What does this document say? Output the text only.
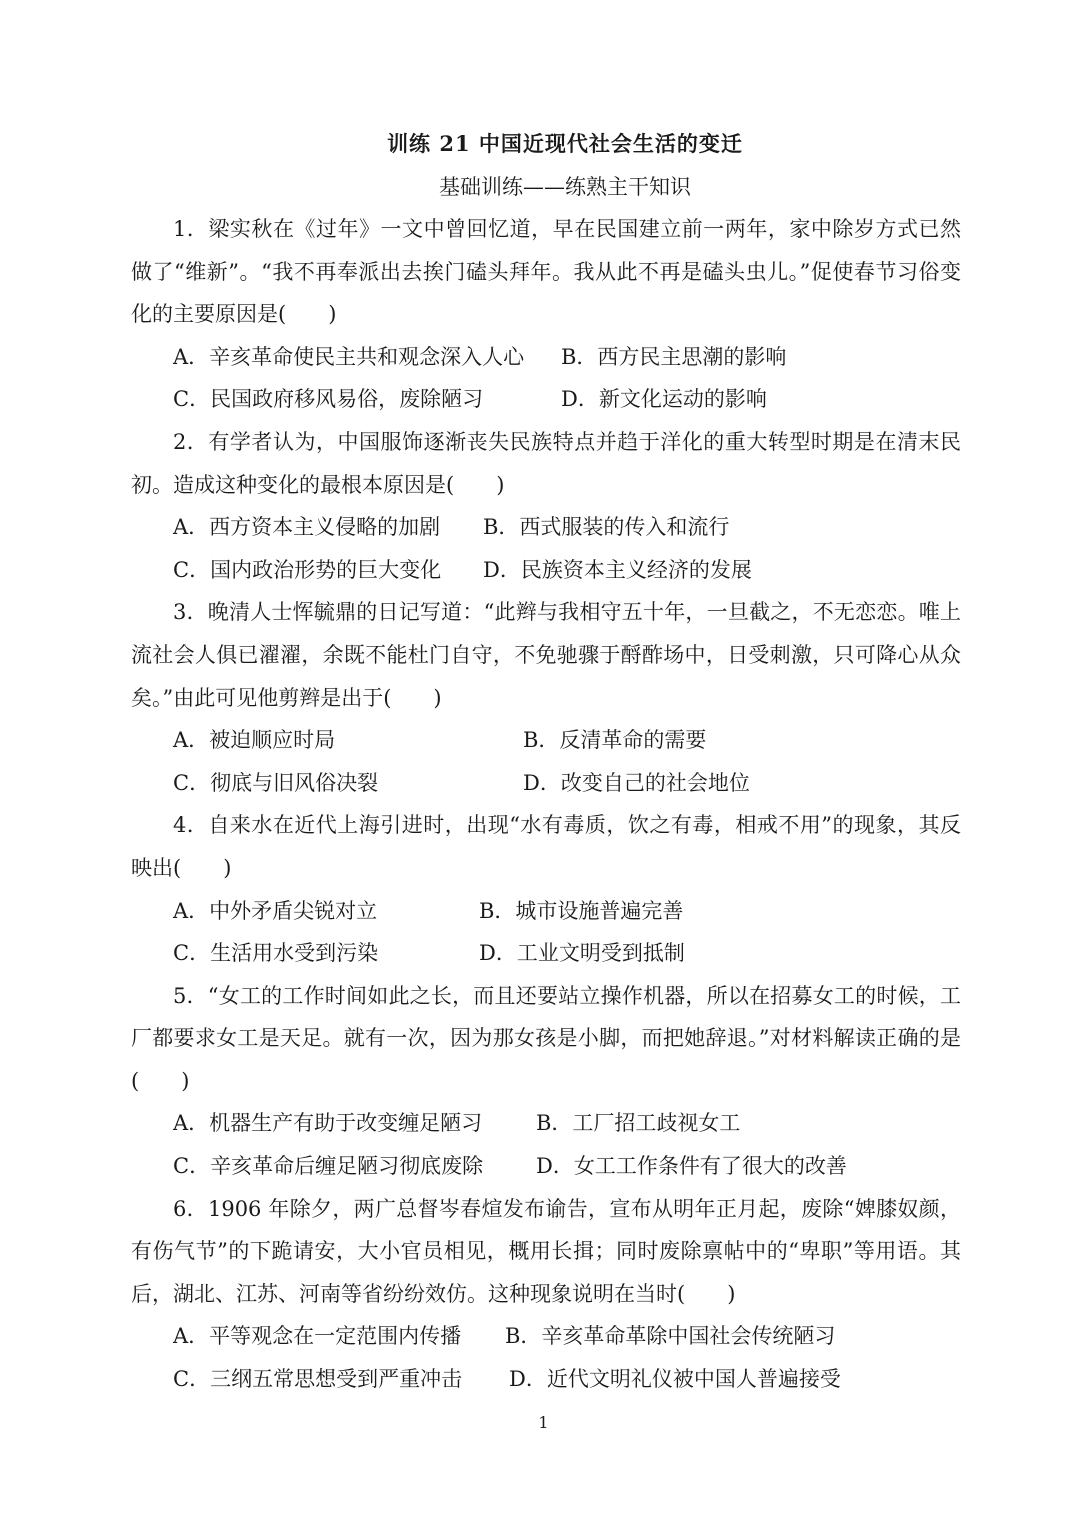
训练 21 中国近现代社会生活的变迁
基础训练——练熟主干知识

1．梁实秋在《过年》一文中曾回忆道，早在民国建立前一两年，家中除岁方式已然做了“维新”。“我不再奉派出去挨门磕头拜年。我从此不再是磕头虫儿。”促使春节习俗变化的主要原因是(　　)

A．辛亥革命使民主共和观念深入人心	B．西方民主思潮的影响
C．民国政府移风易俗，废除陋习	D．新文化运动的影响

2．有学者认为，中国服饰逐渐丧失民族特点并趋于洋化的重大转型时期是在清末民初。造成这种变化的最根本原因是(　　)

A．西方资本主义侵略的加剧	B．西式服装的传入和流行
C．国内政治形势的巨大变化	D．民族资本主义经济的发展

3．晚清人士恽毓鼎的日记写道：“此辫与我相守五十年，一旦截之，不无恋恋。唯上流社会人俱已濯濯，余既不能杜门自守，不免驰骤于酹酢场中，日受刺激，只可降心从众矣。”由此可见他剪辫是出于(　　)

A．被迫顺应时局	B．反清革命的需要
C．彻底与旧风俗决裂	D．改变自己的社会地位

4．自来水在近代上海引进时，出现“水有毒质，饮之有毒，相戒不用”的现象，其反映出(　　)

A．中外矛盾尖锐对立	B．城市设施普遍完善
C．生活用水受到污染	D．工业文明受到抵制

5．“女工的工作时间如此之长，而且还要站立操作机器，所以在招募女工的时候，工厂都要求女工是天足。就有一次，因为那女孩是小脚，而把她辞退。”对材料解读正确的是(　　)

A．机器生产有助于改变缠足陋习	B．工厂招工歧视女工
C．辛亥革命后缠足陋习彻底废除	D．女工工作条件有了很大的改善

6．1906 年除夕，两广总督岑春煊发布谕告，宣布从明年正月起，废除“婢膝奴颜，有伤气节”的下跪请安，大小官员相见，概用长揖；同时废除禀帖中的“卑职”等用语。其后，湖北、江苏、河南等省纷纷效仿。这种现象说明在当时(　　)

A．平等观念在一定范围内传播	B．辛亥革命革除中国社会传统陋习
C．三纲五常思想受到严重冲击	D．近代文明礼仪被中国人普遍接受
1
